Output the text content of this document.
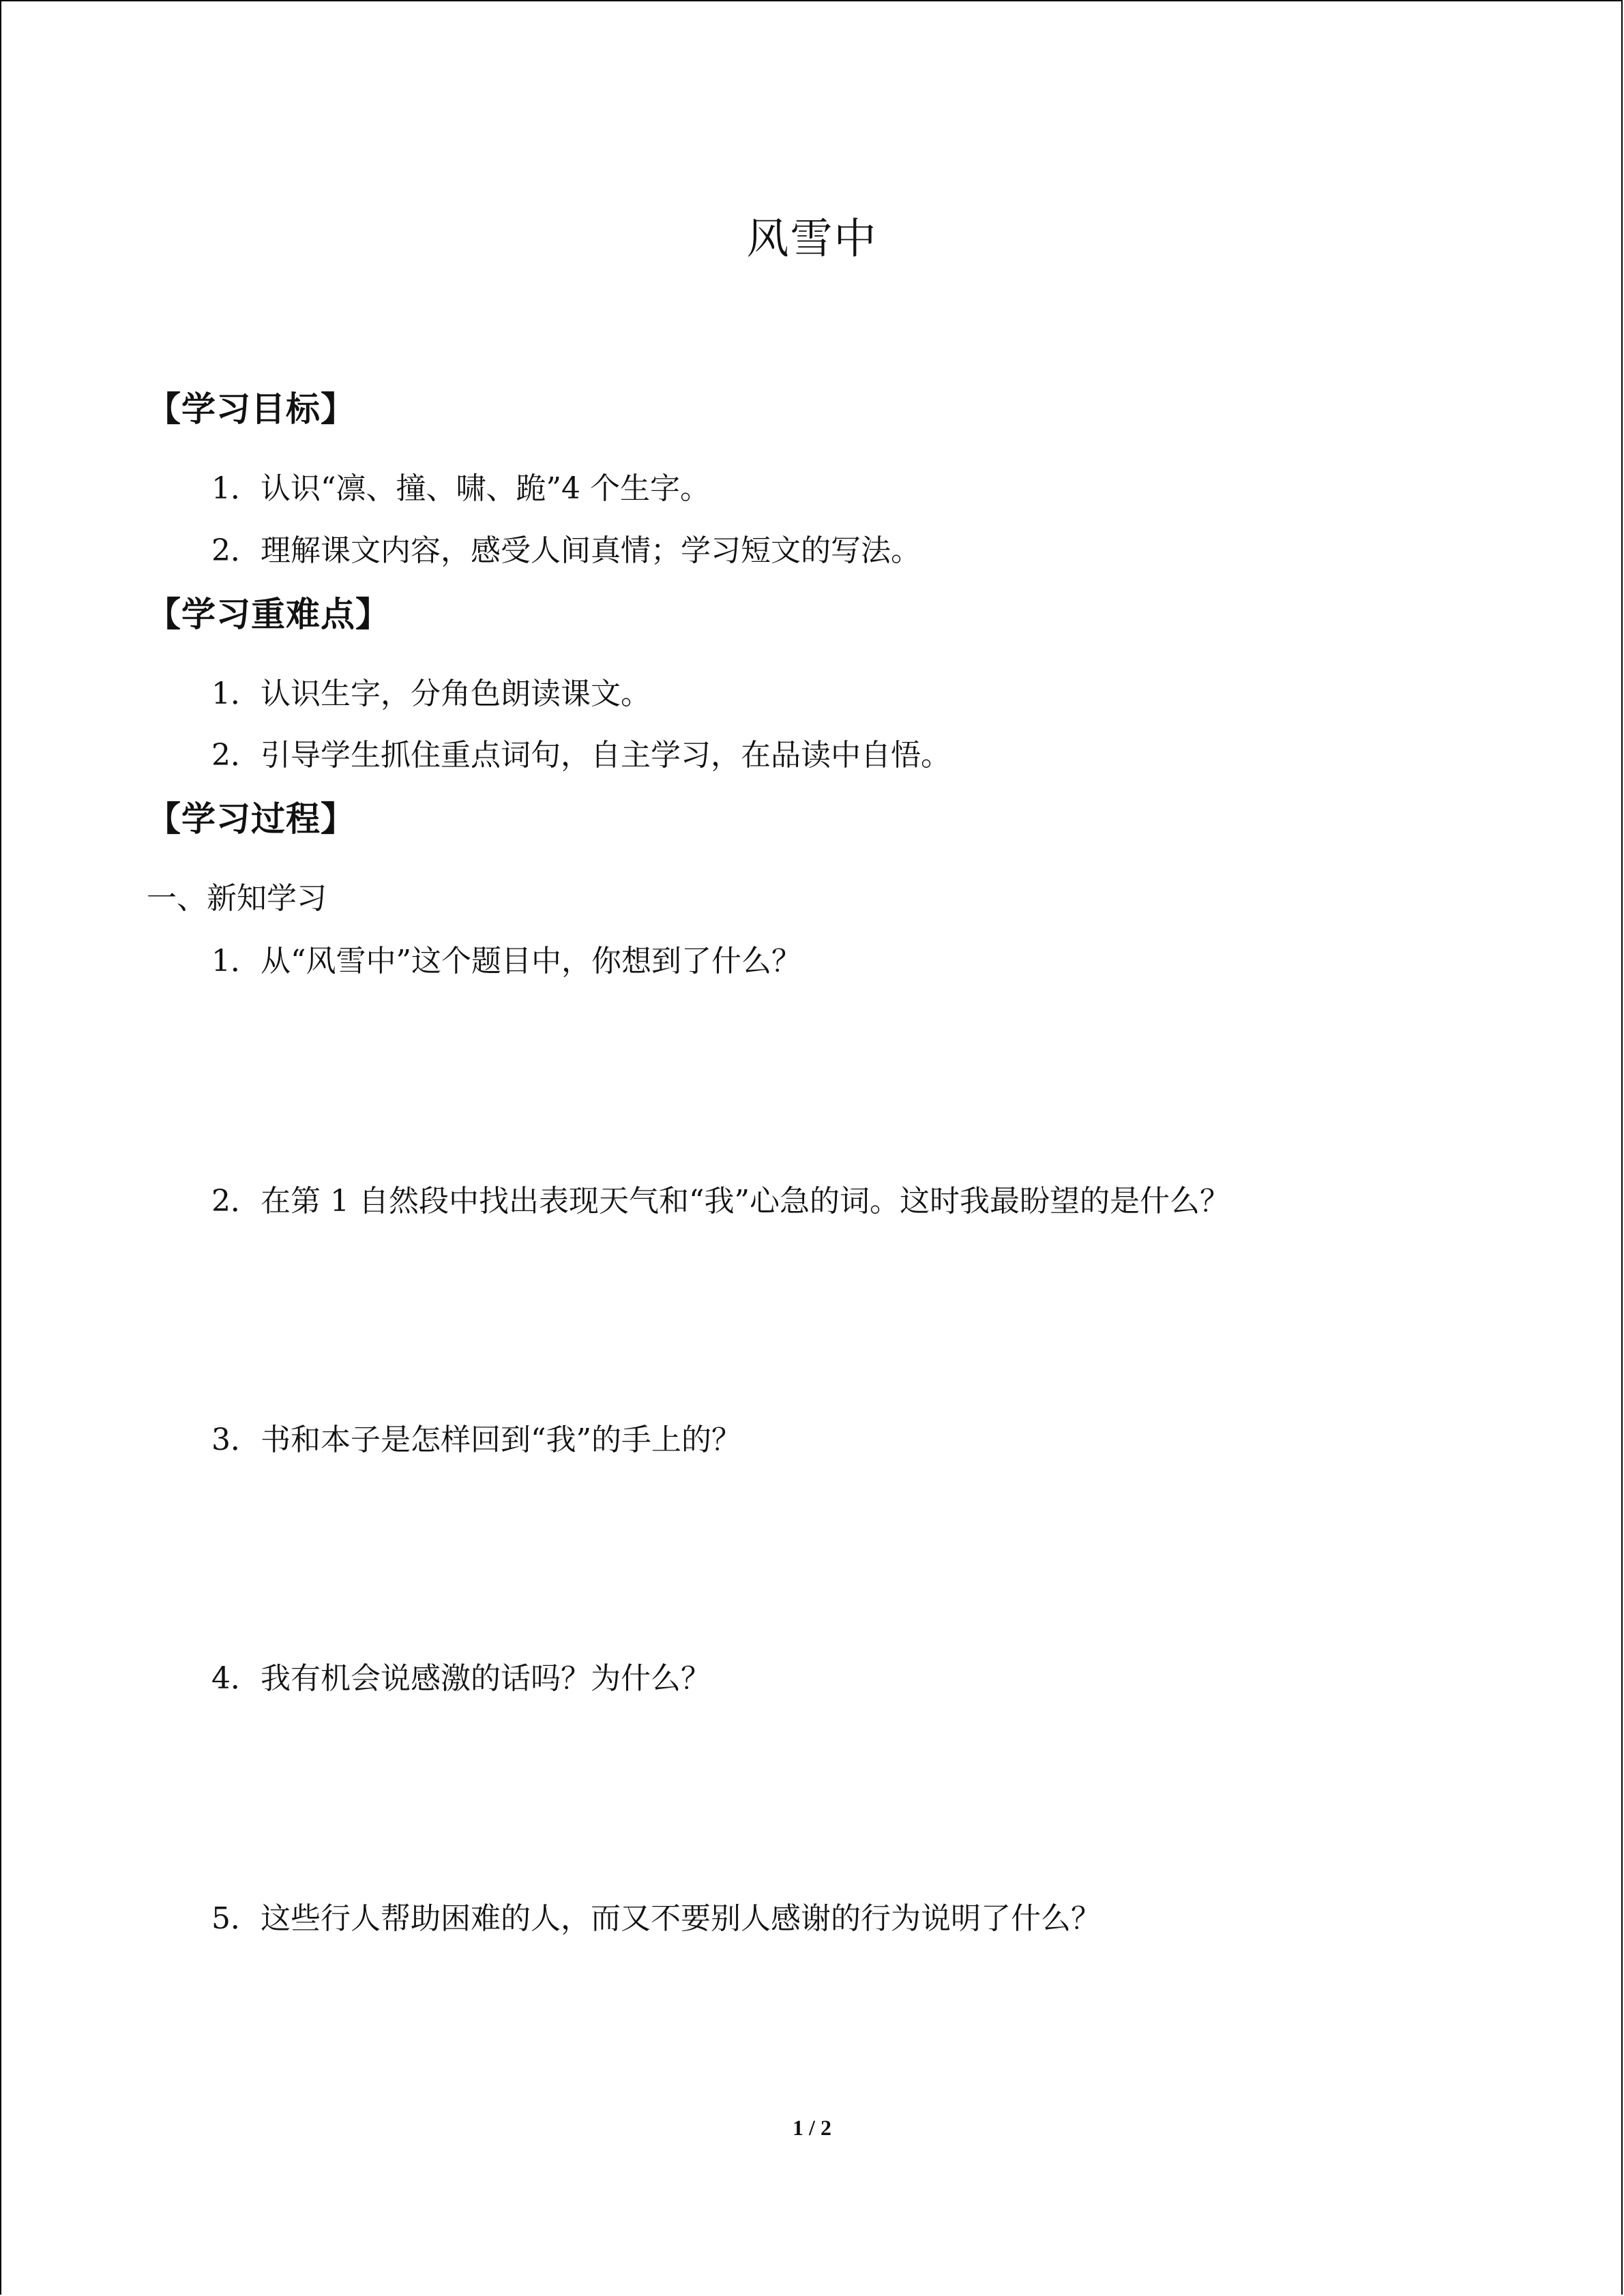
风雪中
【学习目标】
1．认识“凛、撞、啸、跪”4 个生字。
2．理解课文内容，感受人间真情；学习短文的写法。
【学习重难点】
1．认识生字，分角色朗读课文。
2．引导学生抓住重点词句，自主学习，在品读中自悟。
【学习过程】
一、新知学习
1．从“风雪中”这个题目中，你想到了什么？
2．在第 1 自然段中找出表现天气和“我”心急的词。这时我最盼望的是什么？
3．书和本子是怎样回到“我”的手上的？
4．我有机会说感激的话吗？为什么？
5．这些行人帮助困难的人，而又不要别人感谢的行为说明了什么？
1 / 2
